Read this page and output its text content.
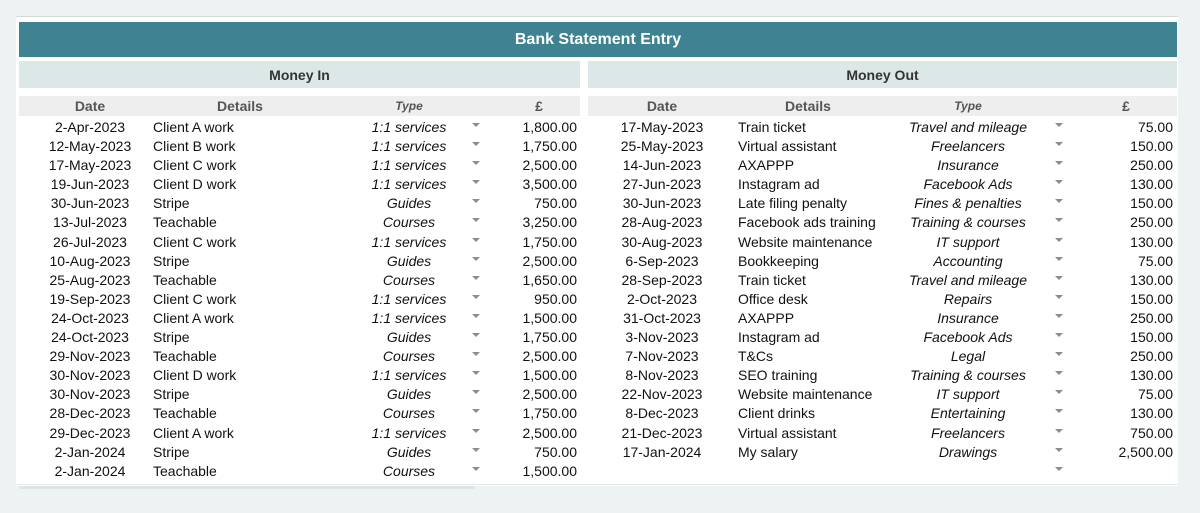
Bank Statement Entry
Money In	Money Out
Date	Details	Type	£	Date	Details	Type	£
2-Apr-2023	Client A work	1:1 services	1,800.00
12-May-2023	Client B work	1:1 services	1,750.00
17-May-2023	Client C work	1:1 services	2,500.00
19-Jun-2023	Client D work	1:1 services	3,500.00
30-Jun-2023	Stripe	Guides	750.00
13-Jul-2023	Teachable	Courses	3,250.00
26-Jul-2023	Client C work	1:1 services	1,750.00
10-Aug-2023	Stripe	Guides	2,500.00
25-Aug-2023	Teachable	Courses	1,650.00
19-Sep-2023	Client C work	1:1 services	950.00
24-Oct-2023	Client A work	1:1 services	1,500.00
24-Oct-2023	Stripe	Guides	1,750.00
29-Nov-2023	Teachable	Courses	2,500.00
30-Nov-2023	Client D work	1:1 services	1,500.00
30-Nov-2023	Stripe	Guides	2,500.00
28-Dec-2023	Teachable	Courses	1,750.00
29-Dec-2023	Client A work	1:1 services	2,500.00
2-Jan-2024	Stripe	Guides	750.00
2-Jan-2024	Teachable	Courses	1,500.00
17-May-2023	Train ticket	Travel and mileage	75.00
25-May-2023	Virtual assistant	Freelancers	150.00
14-Jun-2023	AXAPPP	Insurance	250.00
27-Jun-2023	Instagram ad	Facebook Ads	130.00
30-Jun-2023	Late filing penalty	Fines & penalties	150.00
28-Aug-2023	Facebook ads training	Training & courses	250.00
30-Aug-2023	Website maintenance	IT support	130.00
6-Sep-2023	Bookkeeping	Accounting	75.00
28-Sep-2023	Train ticket	Travel and mileage	130.00
2-Oct-2023	Office desk	Repairs	150.00
31-Oct-2023	AXAPPP	Insurance	250.00
3-Nov-2023	Instagram ad	Facebook Ads	150.00
7-Nov-2023	T&Cs	Legal	250.00
8-Nov-2023	SEO training	Training & courses	130.00
22-Nov-2023	Website maintenance	IT support	75.00
8-Dec-2023	Client drinks	Entertaining	130.00
21-Dec-2023	Virtual assistant	Freelancers	750.00
17-Jan-2024	My salary	Drawings	2,500.00
